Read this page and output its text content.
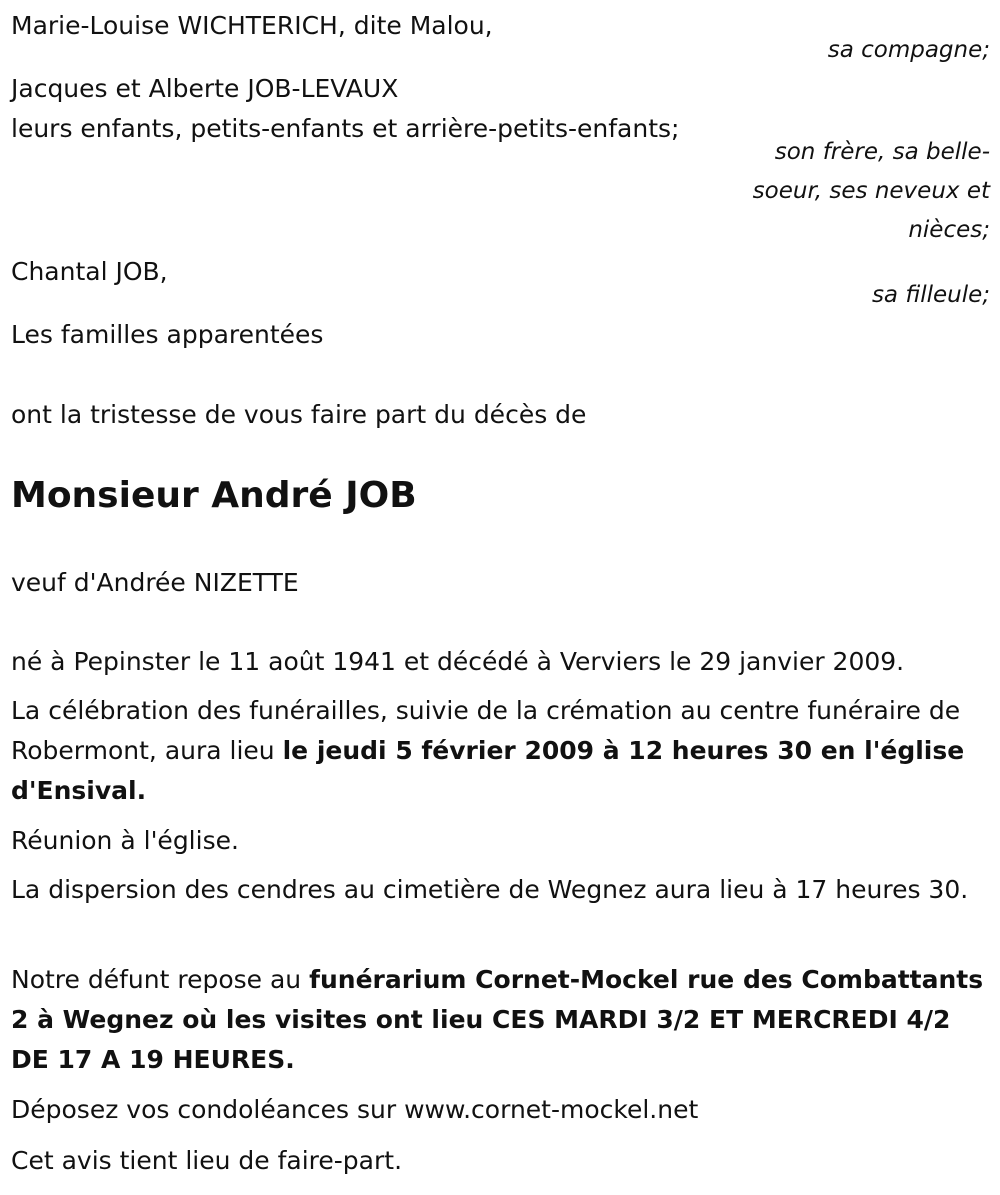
Marie-Louise WICHTERICH, dite Malou,
sa compagne;
Jacques et Alberte JOB-LEVAUX
leurs enfants, petits-enfants et arrière-petits-enfants;
son frère, sa belle-
soeur, ses neveux et
nièces;
Chantal JOB,
sa filleule;
Les familles apparentées
ont la tristesse de vous faire part du décès de
Monsieur André JOB
veuf d'Andrée NIZETTE
né à Pepinster le 11 août 1941 et décédé à Verviers le 29 janvier 2009.
La célébration des funérailles, suivie de la crémation au centre funéraire de Robermont, aura lieu le jeudi 5 février 2009 à 12 heures 30 en l'église d'Ensival.
Réunion à l'église.
La dispersion des cendres au cimetière de Wegnez aura lieu à 17 heures 30.
Notre défunt repose au funérarium Cornet-Mockel rue des Combattants 2 à Wegnez où les visites ont lieu CES MARDI 3/2 ET MERCREDI 4/2 DE 17 A 19 HEURES.
Déposez vos condoléances sur www.cornet-mockel.net
Cet avis tient lieu de faire-part.
